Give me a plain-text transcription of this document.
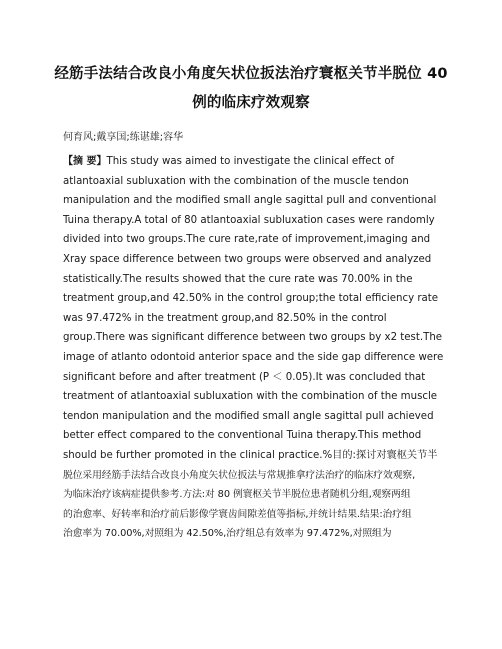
经筋手法结合改良小角度矢状位扳法治疗寰枢关节半脱位 40
例的临床疗效观察
何育风;戴享国;练谌雄;容华
【摘 要】This study was aimed to investigate the clinical effect of
atlantoaxial subluxation with the combination of the muscle tendon
manipulation and the modified small angle sagittal pull and conventional
Tuina therapy.A total of 80 atlantoaxial subluxation cases were randomly
divided into two groups.The cure rate,rate of improvement,imaging and
Xray space difference between two groups were observed and analyzed
statistically.The results showed that the cure rate was 70.00% in the
treatment group,and 42.50% in the control group;the total efficiency rate
was 97.472% in the treatment group,and 82.50% in the control
group.There was significant difference between two groups by x2 test.The
image of atlanto odontoid anterior space and the side gap difference were
significant before and after treatment (P ＜ 0.05).It was concluded that
treatment of atlantoaxial subluxation with the combination of the muscle
tendon manipulation and the modified small angle sagittal pull achieved
better effect compared to the conventional Tuina therapy.This method
should be further promoted in the clinical practice.%目的:探讨对寰枢关节半
脱位采用经筋手法结合改良小角度矢状位扳法与常规推拿疗法治疗的临床疗效观察,
为临床治疗该病症提供参考.方法:对 80 例寰枢关节半脱位患者随机分组,观察两组
的治愈率、好转率和治疗前后影像学寰齿间隙差值等指标,并统计结果.结果:治疗组
治愈率为 70.00%,对照组为 42.50%,治疗组总有效率为 97.472%,对照组为
